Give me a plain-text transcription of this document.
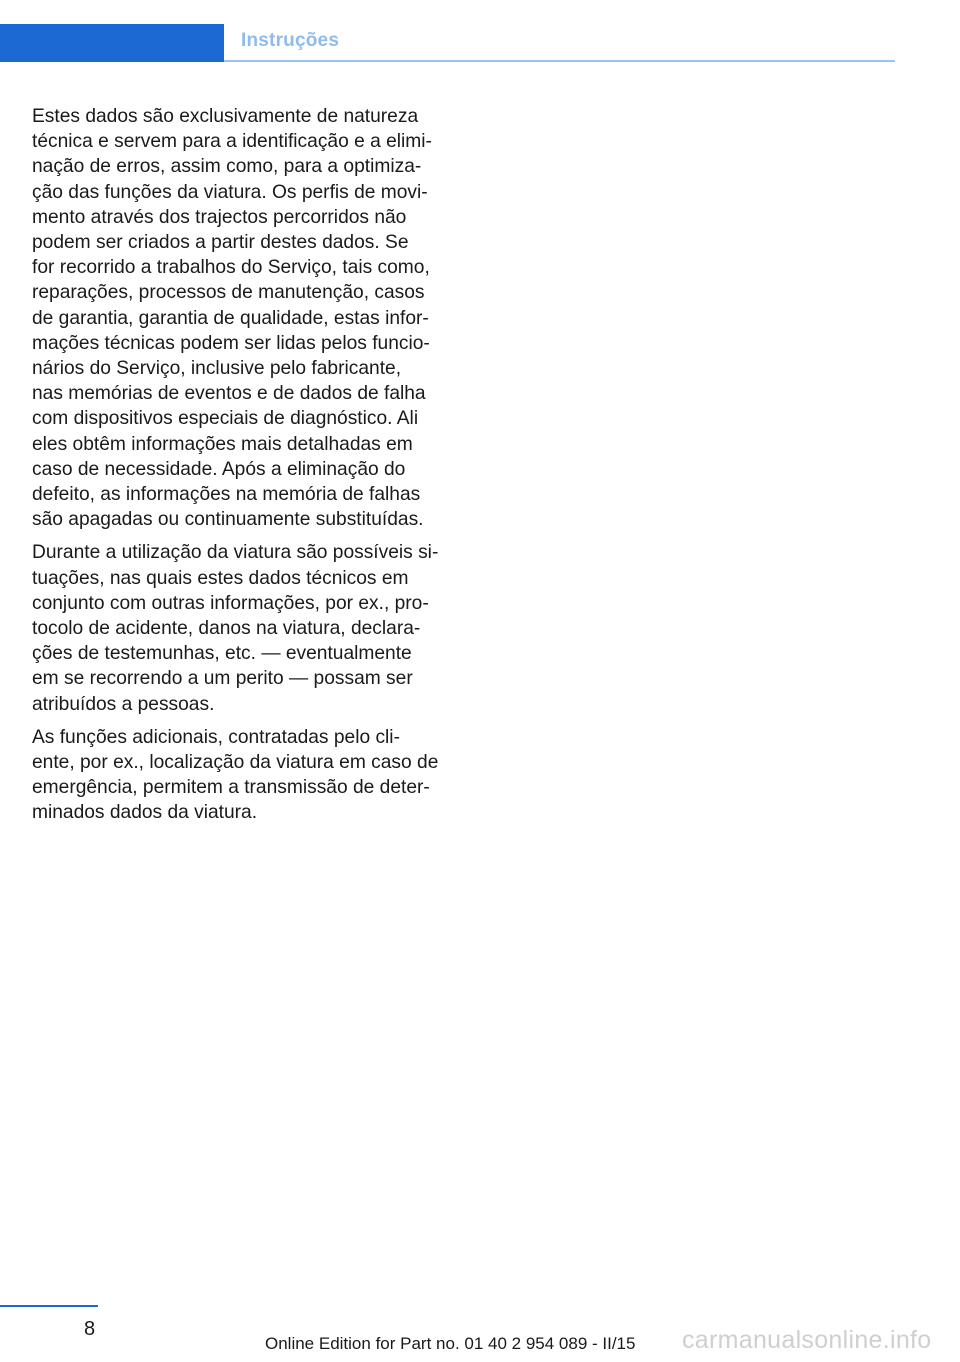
Instruções

Estes dados são exclusivamente de natureza
técnica e servem para a identificação e a elimi‐
nação de erros, assim como, para a optimiza‐
ção das funções da viatura. Os perfis de movi‐
mento através dos trajectos percorridos não
podem ser criados a partir destes dados. Se
for recorrido a trabalhos do Serviço, tais como,
reparações, processos de manutenção, casos
de garantia, garantia de qualidade, estas infor‐
mações técnicas podem ser lidas pelos funcio‐
nários do Serviço, inclusive pelo fabricante,
nas memórias de eventos e de dados de falha
com dispositivos especiais de diagnóstico. Ali
eles obtêm informações mais detalhadas em
caso de necessidade. Após a eliminação do
defeito, as informações na memória de falhas
são apagadas ou continuamente substituídas.

Durante a utilização da viatura são possíveis si‐
tuações, nas quais estes dados técnicos em
conjunto com outras informações, por ex., pro‐
tocolo de acidente, danos na viatura, declara‐
ções de testemunhas, etc. — eventualmente
em se recorrendo a um perito — possam ser
atribuídos a pessoas.

As funções adicionais, contratadas pelo cli‐
ente, por ex., localização da viatura em caso de
emergência, permitem a transmissão de deter‐
minados dados da viatura.

8
Online Edition for Part no. 01 40 2 954 089 - II/15 carmanualsonline.info
